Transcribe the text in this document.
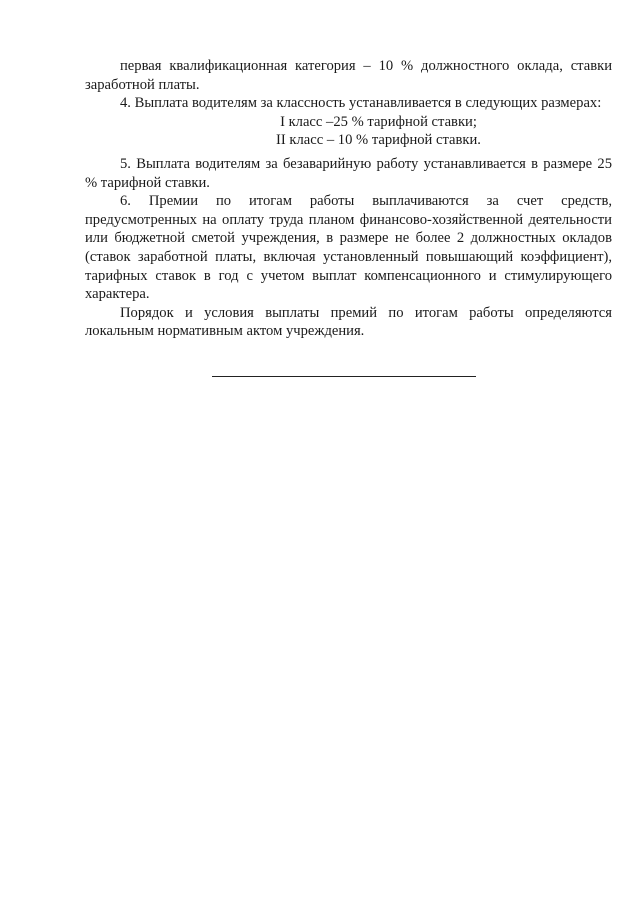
первая квалификационная категория – 10 % должностного оклада, ставки заработной платы.

4. Выплата водителям за классность устанавливается в следующих размерах:

I класс –25 % тарифной ставки;

II класс – 10 % тарифной ставки.

5. Выплата водителям за безаварийную работу устанавливается в размере 25 % тарифной ставки.

6. Премии по итогам работы выплачиваются за счет средств, предусмотренных на оплату труда планом финансово-хозяйственной деятельности или бюджетной сметой учреждения, в размере не более 2 должностных окладов (ставок заработной платы, включая установленный повышающий коэффициент), тарифных ставок в год с учетом выплат компенсационного и стимулирующего характера.

Порядок и условия выплаты премий по итогам работы определяются локальным нормативным актом учреждения.
